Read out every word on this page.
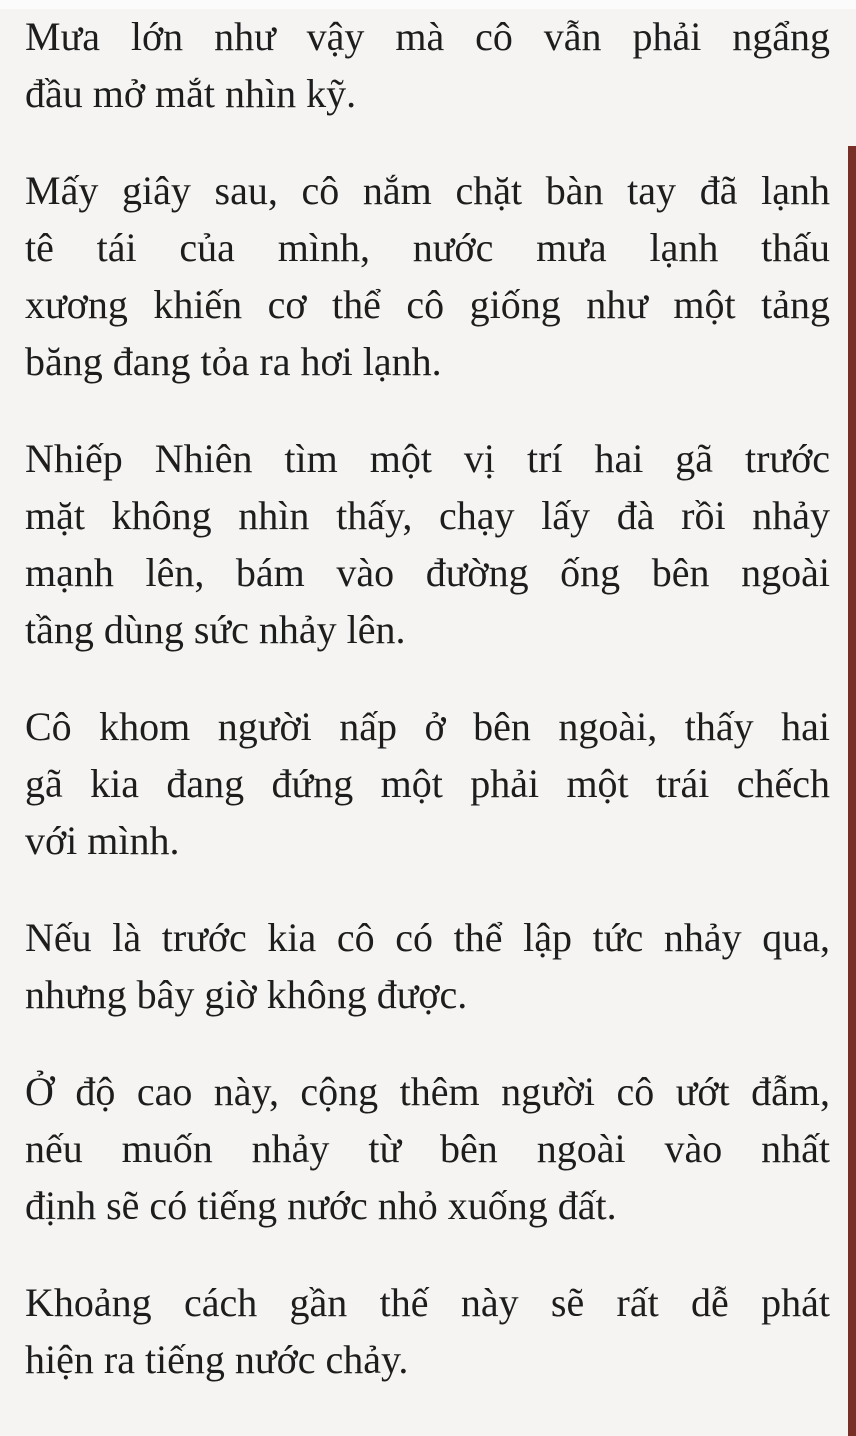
Mưa lớn như vậy mà cô vẫn phải ngẩng
đầu mở mắt nhìn kỹ.
Mấy giây sau, cô nắm chặt bàn tay đã lạnh
tê tái của mình, nước mưa lạnh thấu
xương khiến cơ thể cô giống như một tảng
băng đang tỏa ra hơi lạnh.
Nhiếp Nhiên tìm một vị trí hai gã trước
mặt không nhìn thấy, chạy lấy đà rồi nhảy
mạnh lên, bám vào đường ống bên ngoài
tầng dùng sức nhảy lên.
Cô khom người nấp ở bên ngoài, thấy hai
gã kia đang đứng một phải một trái chếch
với mình.
Nếu là trước kia cô có thể lập tức nhảy qua,
nhưng bây giờ không được.
Ở độ cao này, cộng thêm người cô ướt đẫm,
nếu muốn nhảy từ bên ngoài vào nhất
định sẽ có tiếng nước nhỏ xuống đất.
Khoảng cách gần thế này sẽ rất dễ phát
hiện ra tiếng nước chảy.
